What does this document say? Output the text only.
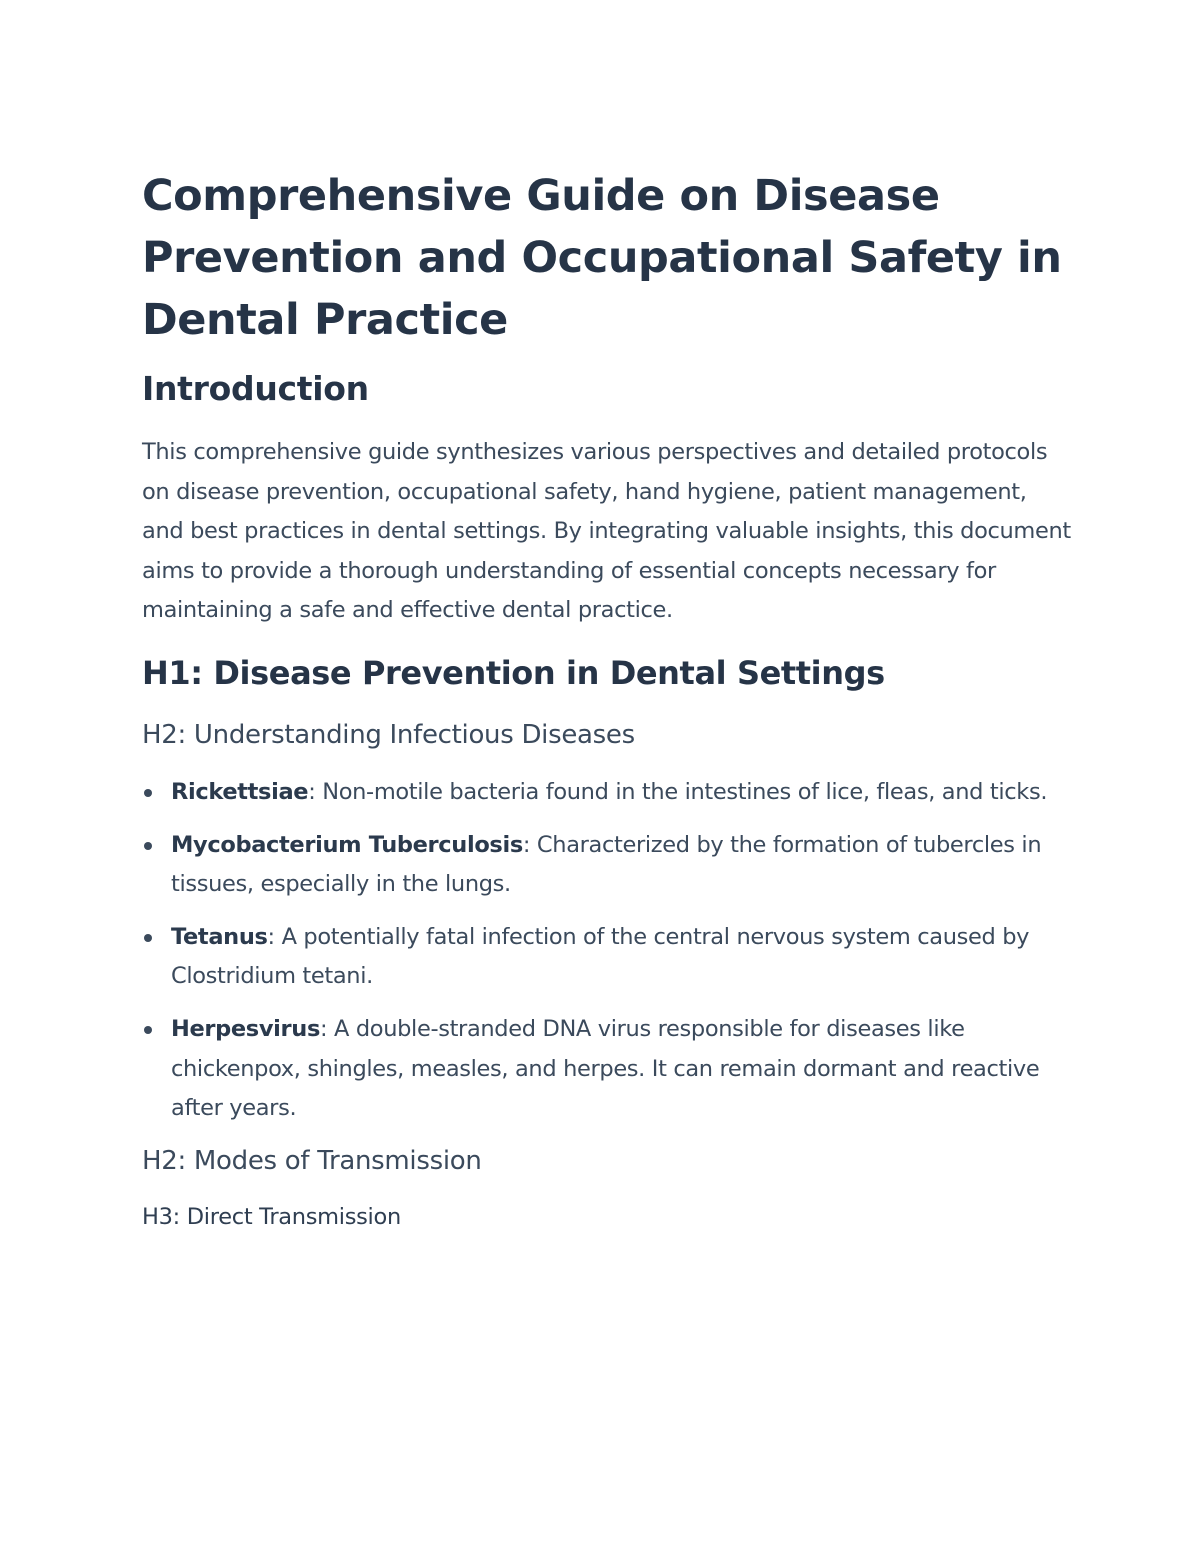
Comprehensive Guide on Disease Prevention and Occupational Safety in Dental Practice
Introduction

This comprehensive guide synthesizes various perspectives and detailed protocols on disease prevention, occupational safety, hand hygiene, patient management, and best practices in dental settings. By integrating valuable insights, this document aims to provide a thorough understanding of essential concepts necessary for maintaining a safe and effective dental practice.

H1: Disease Prevention in Dental Settings
H2: Understanding Infectious Diseases
Rickettsiae: Non-motile bacteria found in the intestines of lice, fleas, and ticks.
Mycobacterium Tuberculosis: Characterized by the formation of tubercles in tissues, especially in the lungs.
Tetanus: A potentially fatal infection of the central nervous system caused by Clostridium tetani.
Herpesvirus: A double-stranded DNA virus responsible for diseases like chickenpox, shingles, measles, and herpes. It can remain dormant and reactive after years.
H2: Modes of Transmission
H3: Direct Transmission
